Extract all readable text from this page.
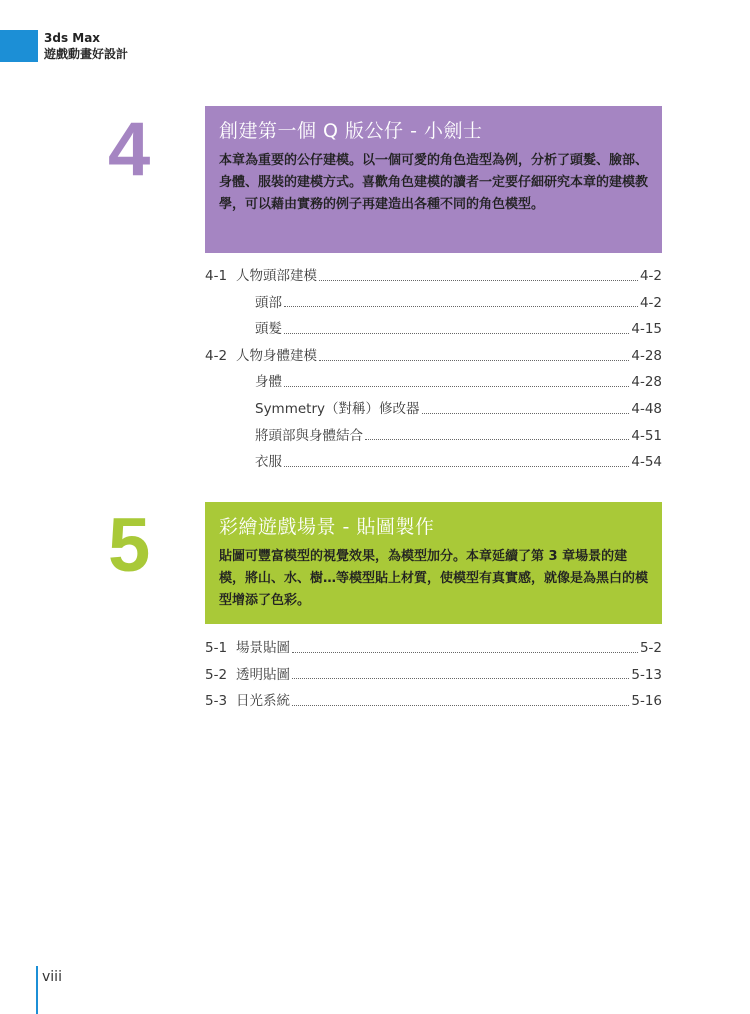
3ds Max
遊戲動畫好設計
4	創建第一個 Q 版公仔 - 小劍士
本章為重要的公仔建模。以一個可愛的角色造型為例，分析了頭髮、臉部、身體、服裝的建模方式。喜歡角色建模的讀者一定要仔細研究本章的建模教學，可以藉由實務的例子再建造出各種不同的角色模型。
4-1 人物頭部建模	4-2
頭部	4-2
頭髮	4-15
4-2 人物身體建模	4-28
身體	4-28
Symmetry（對稱）修改器	4-48
將頭部與身體結合	4-51
衣服	4-54
5	彩繪遊戲場景 - 貼圖製作
貼圖可豐富模型的視覺效果，為模型加分。本章延續了第 3 章場景的建模，將山、水、樹…等模型貼上材質，使模型有真實感，就像是為黑白的模型增添了色彩。
5-1 場景貼圖	5-2
5-2 透明貼圖	5-13
5-3 日光系統	5-16
viii
